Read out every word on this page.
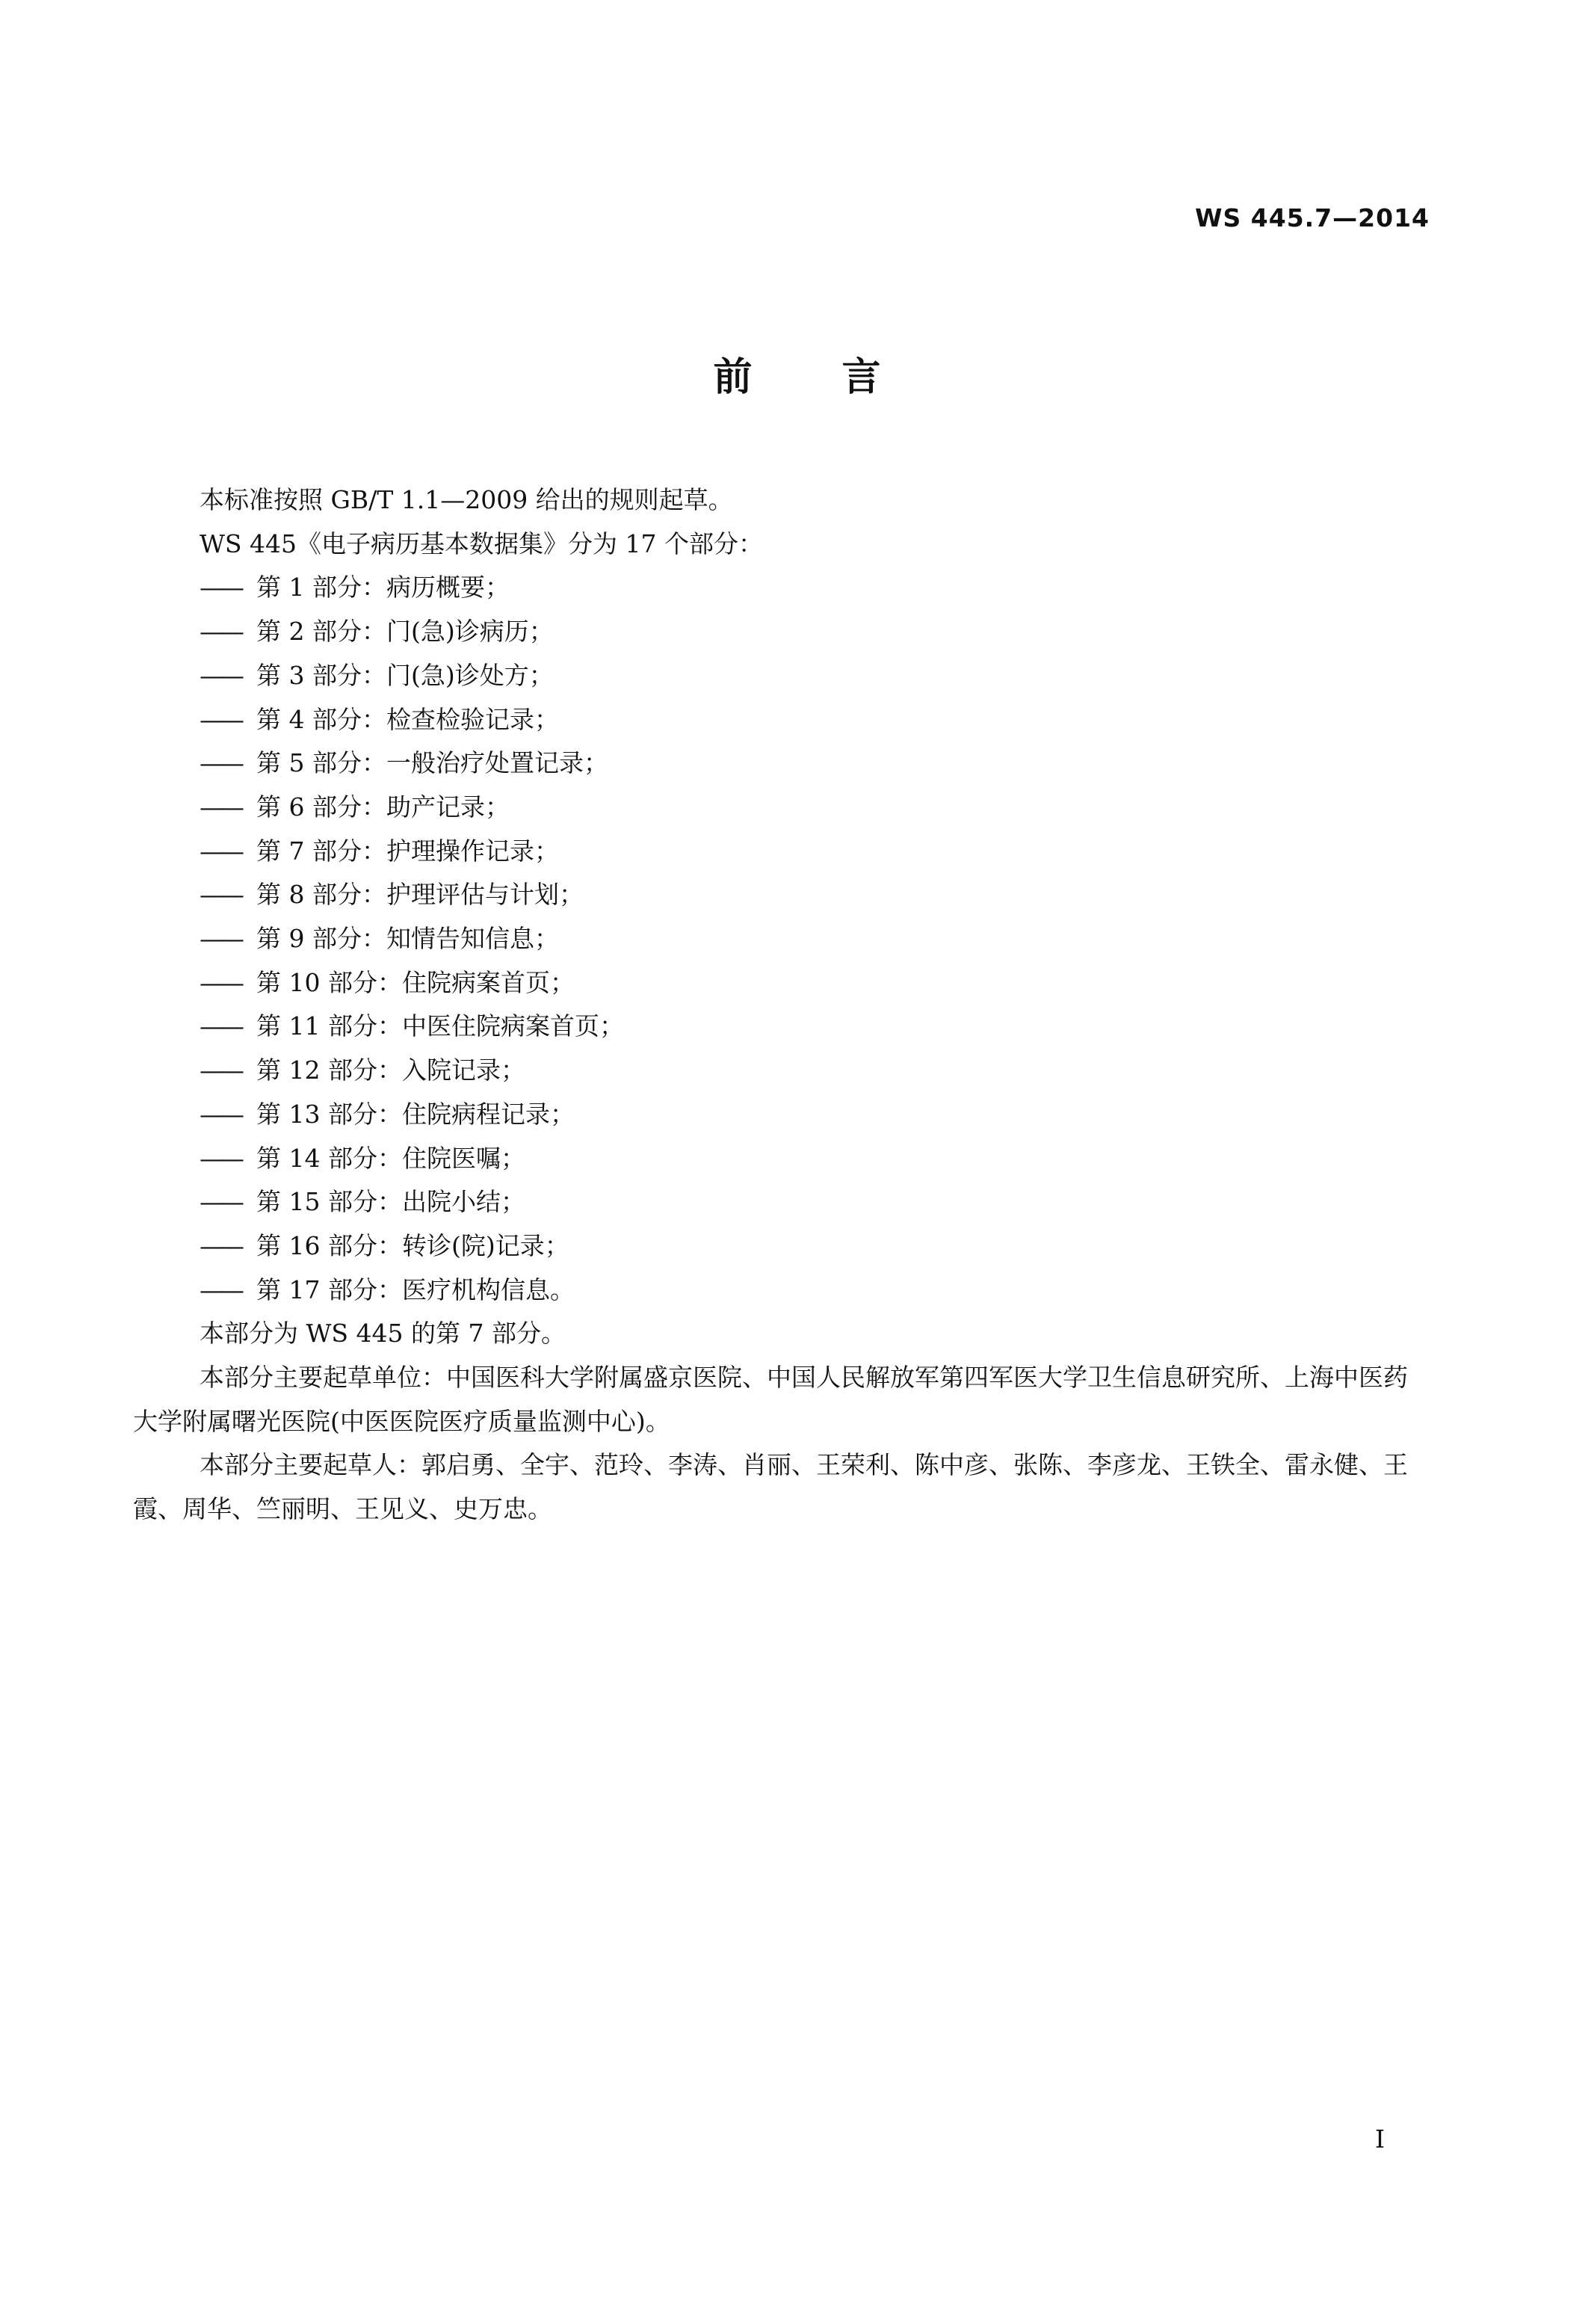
WS 445.7—2014
前言

本标准按照 GB/T 1.1—2009 给出的规则起草。

WS 445《电子病历基本数据集》分为 17 个部分：

—— 第 1 部分：病历概要；

—— 第 2 部分：门(急)诊病历；

—— 第 3 部分：门(急)诊处方；

—— 第 4 部分：检查检验记录；

—— 第 5 部分：一般治疗处置记录；

—— 第 6 部分：助产记录；

—— 第 7 部分：护理操作记录；

—— 第 8 部分：护理评估与计划；

—— 第 9 部分：知情告知信息；

—— 第 10 部分：住院病案首页；

—— 第 11 部分：中医住院病案首页；

—— 第 12 部分：入院记录；

—— 第 13 部分：住院病程记录；

—— 第 14 部分：住院医嘱；

—— 第 15 部分：出院小结；

—— 第 16 部分：转诊(院)记录；

—— 第 17 部分：医疗机构信息。

本部分为 WS 445 的第 7 部分。

本部分主要起草单位：中国医科大学附属盛京医院、中国人民解放军第四军医大学卫生信息研究所、上海中医药大学附属曙光医院(中医医院医疗质量监测中心)。

本部分主要起草人：郭启勇、全宇、范玲、李涛、肖丽、王荣利、陈中彦、张陈、李彦龙、王铁全、雷永健、王霞、周华、竺丽明、王见义、史万忠。

I
